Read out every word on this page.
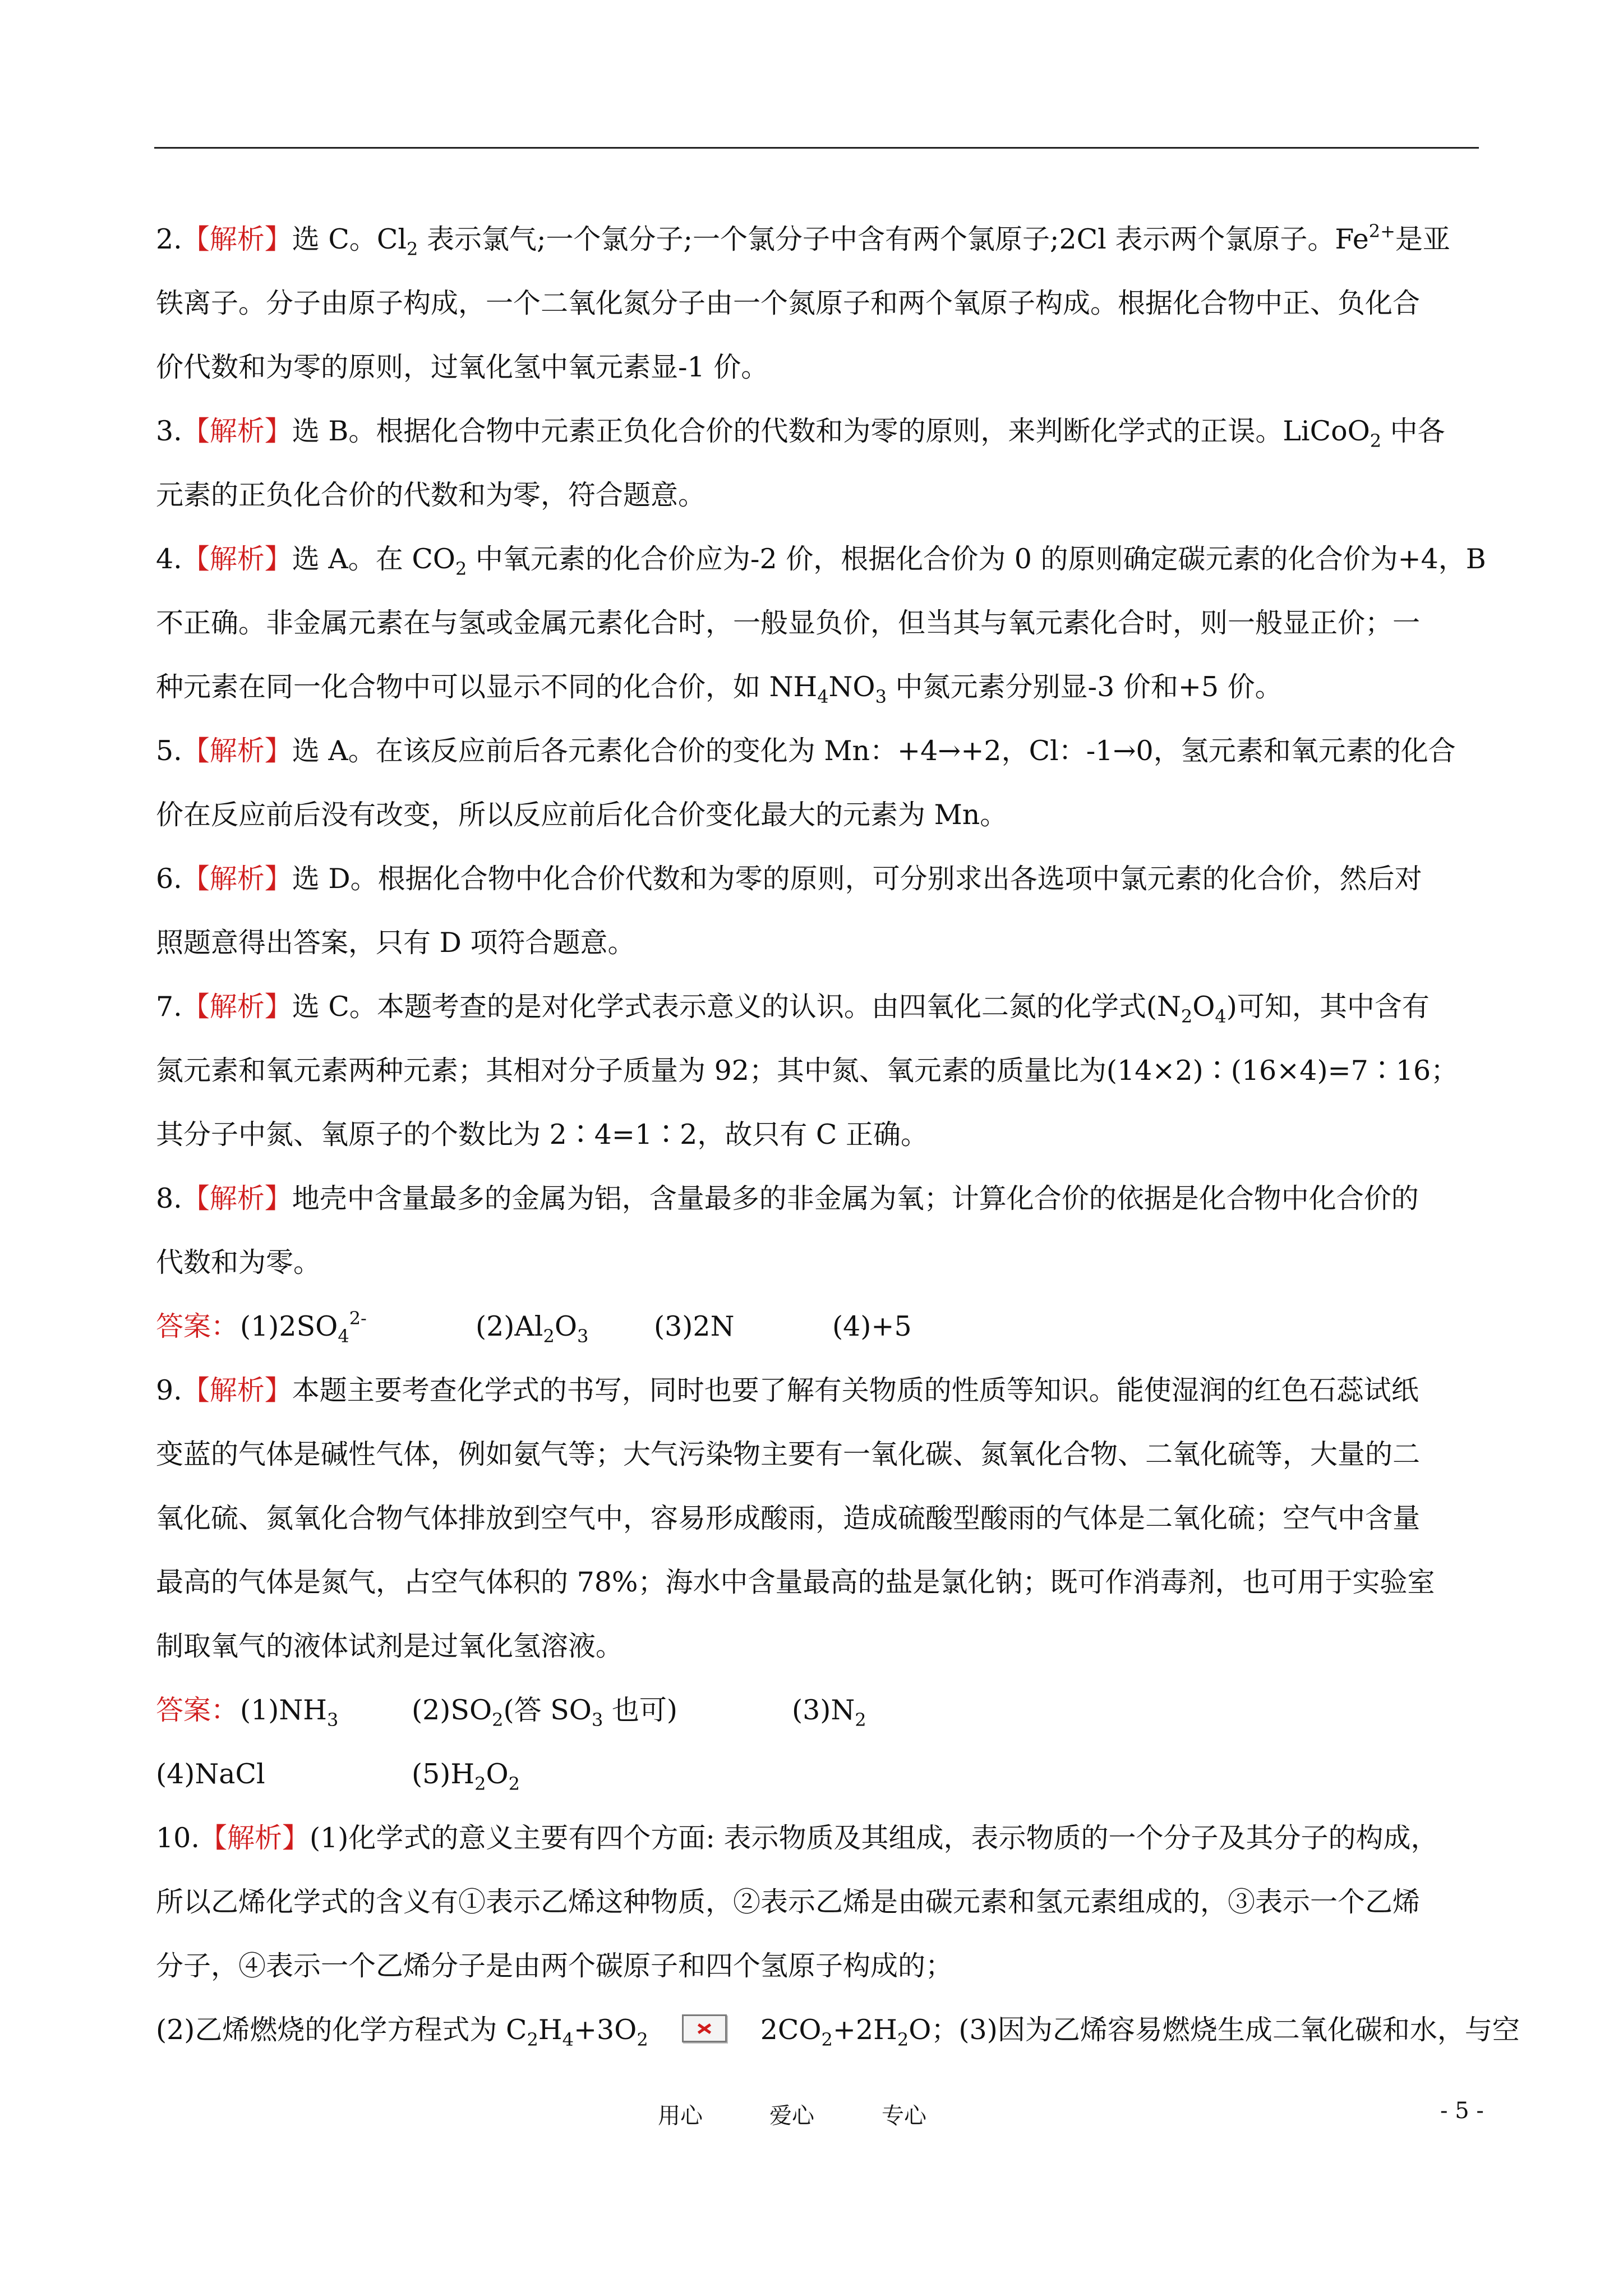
2.【解析】选 C。$Cl_2$ 表示氯气;一个氯分子;一个氯分子中含有两个氯原子;2Cl 表示两个氯原子。$Fe^{2+}$是亚
铁离子。分子由原子构成，一个二氧化氮分子由一个氮原子和两个氧原子构成。根据化合物中正、负化合
价代数和为零的原则，过氧化氢中氧元素显-1 价。
3.【解析】选 B。根据化合物中元素正负化合价的代数和为零的原则，来判断化学式的正误。LiCoO$_2$ 中各
元素的正负化合价的代数和为零，符合题意。
4.【解析】选 A。在 $CO_2$ 中氧元素的化合价应为-2 价，根据化合价为 0 的原则确定碳元素的化合价为+4，B
不正确。非金属元素在与氢或金属元素化合时，一般显负价，但当其与氧元素化合时，则一般显正价；一
种元素在同一化合物中可以显示不同的化合价，如 $NH_4NO_3$ 中氮元素分别显-3 价和+5 价。
5.【解析】选 A。在该反应前后各元素化合价的变化为 Mn：+4→+2，Cl：-1→0，氢元素和氧元素的化合
价在反应前后没有改变，所以反应前后化合价变化最大的元素为 Mn。
6.【解析】选 D。根据化合物中化合价代数和为零的原则，可分别求出各选项中氯元素的化合价，然后对
照题意得出答案，只有 D 项符合题意。
7.【解析】选 C。本题考查的是对化学式表示意义的认识。由四氧化二氮的化学式$(N_2O_4)$可知，其中含有
氮元素和氧元素两种元素；其相对分子质量为 92；其中氮、氧元素的质量比为(14×2)∶(16×4)=7∶16；
其分子中氮、氧原子的个数比为 2∶4=1∶2，故只有 C 正确。
8.【解析】地壳中含量最多的金属为铝，含量最多的非金属为氧；计算化合价的依据是化合物中化合价的
代数和为零。
答案： $(1)2SO_4^{2-}$	$(2)Al_2O_3$ (3)2N	(4)+5
9.【解析】本题主要考查化学式的书写，同时也要了解有关物质的性质等知识。能使湿润的红色石蕊试纸
变蓝的气体是碱性气体，例如氨气等；大气污染物主要有一氧化碳、氮氧化合物、二氧化硫等，大量的二
氧化硫、氮氧化合物气体排放到空气中，容易形成酸雨，造成硫酸型酸雨的气体是二氧化硫；空气中含量
最高的气体是氮气，占空气体积的 78%；海水中含量最高的盐是氯化钠；既可作消毒剂，也可用于实验室
制取氧气的液体试剂是过氧化氢溶液。
答案： $(1)NH_3$	$(2)SO_2$(答 $SO_3$ 也可)	$(3)N_2$
(4)NaCl	$(5)H_2O_2$
10.【解析】(1)化学式的意义主要有四个方面: 表示物质及其组成，表示物质的一个分子及其分子的构成，
所以乙烯化学式的含义有①表示乙烯这种物质，②表示乙烯是由碳元素和氢元素组成的，③表示一个乙烯
分子，④表示一个乙烯分子是由两个碳原子和四个氢原子构成的；
(2)乙烯燃烧的化学方程式为 $C_2H_4+3O_2$	$2CO_2+2H_2O$；(3)因为乙烯容易燃烧生成二氧化碳和水，与空
用心	爱心	专心	- 5 -
